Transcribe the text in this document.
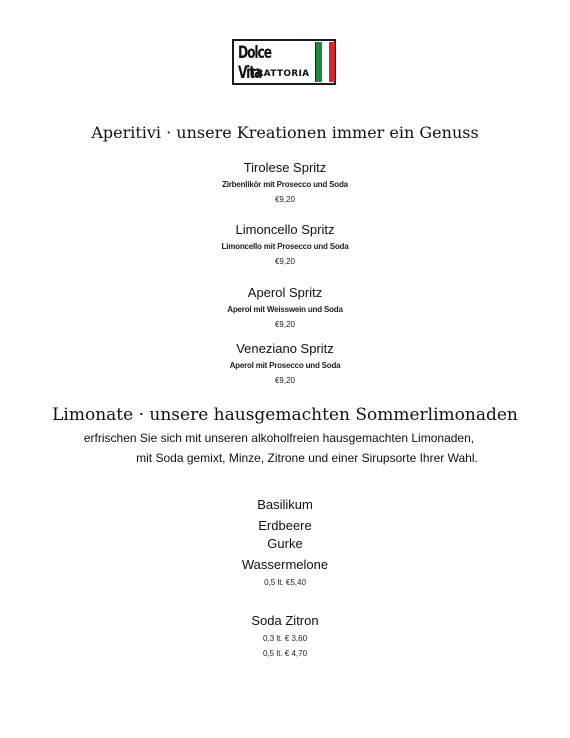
Dolce Vita
TRATTORIA
Aperitivi · unsere Kreationen immer ein Genuss
Tirolese Spritz
Zirbenlikör mit Prosecco und Soda
€9,20
Limoncello Spritz
Limoncello mit Prosecco und Soda
€9,20
Aperol Spritz
Aperol mit Weisswein und Soda
€9,20
Veneziano Spritz
Aperol mit Prosecco und Soda
€9,20
Limonate · unsere hausgemachten Sommerlimonaden
erfrischen Sie sich mit unseren alkoholfreien hausgemachten Limonaden,
mit Soda gemixt, Minze, Zitrone und einer Sirupsorte Ihrer Wahl.
Basilikum
Erdbeere
Gurke
Wassermelone
0,5 lt. €5,40
Soda Zitron
0,3 lt. € 3,60
0,5 lt. € 4,70
